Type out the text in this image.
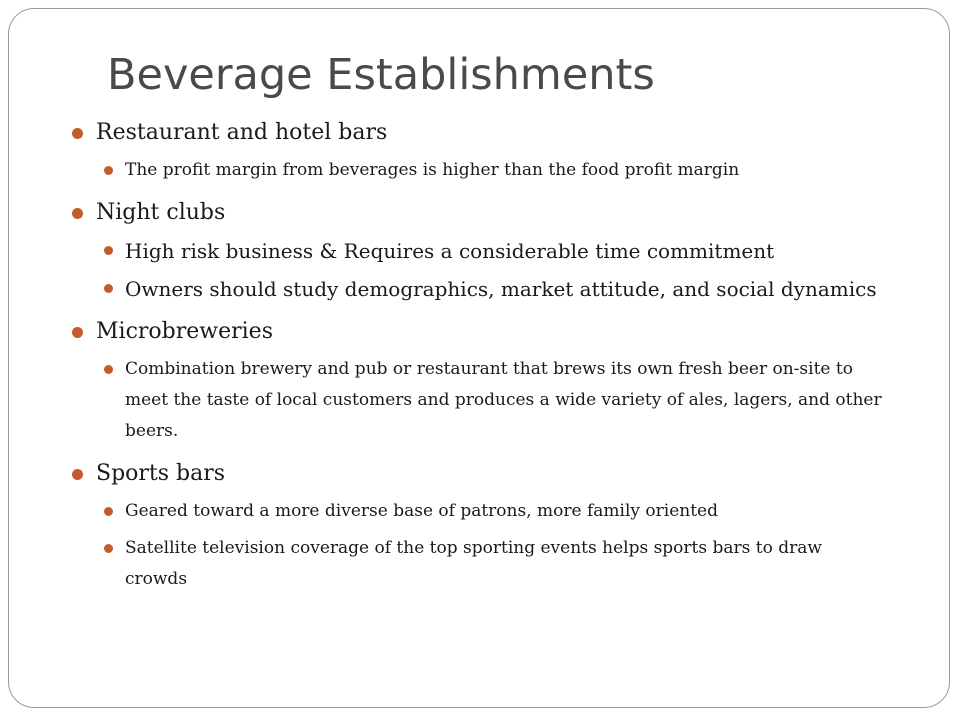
Beverage Establishments
Restaurant and hotel bars
The profit margin from beverages is higher than the food profit margin
Night clubs
High risk business & Requires a considerable time commitment
Owners should study demographics, market attitude, and social dynamics
Microbreweries
Combination brewery and pub or restaurant that brews its own fresh beer on-site to meet the taste of local customers and produces a wide variety of ales, lagers, and other beers.
Sports bars
Geared toward a more diverse base of patrons, more family oriented
Satellite television coverage of the top sporting events helps sports bars to draw crowds
